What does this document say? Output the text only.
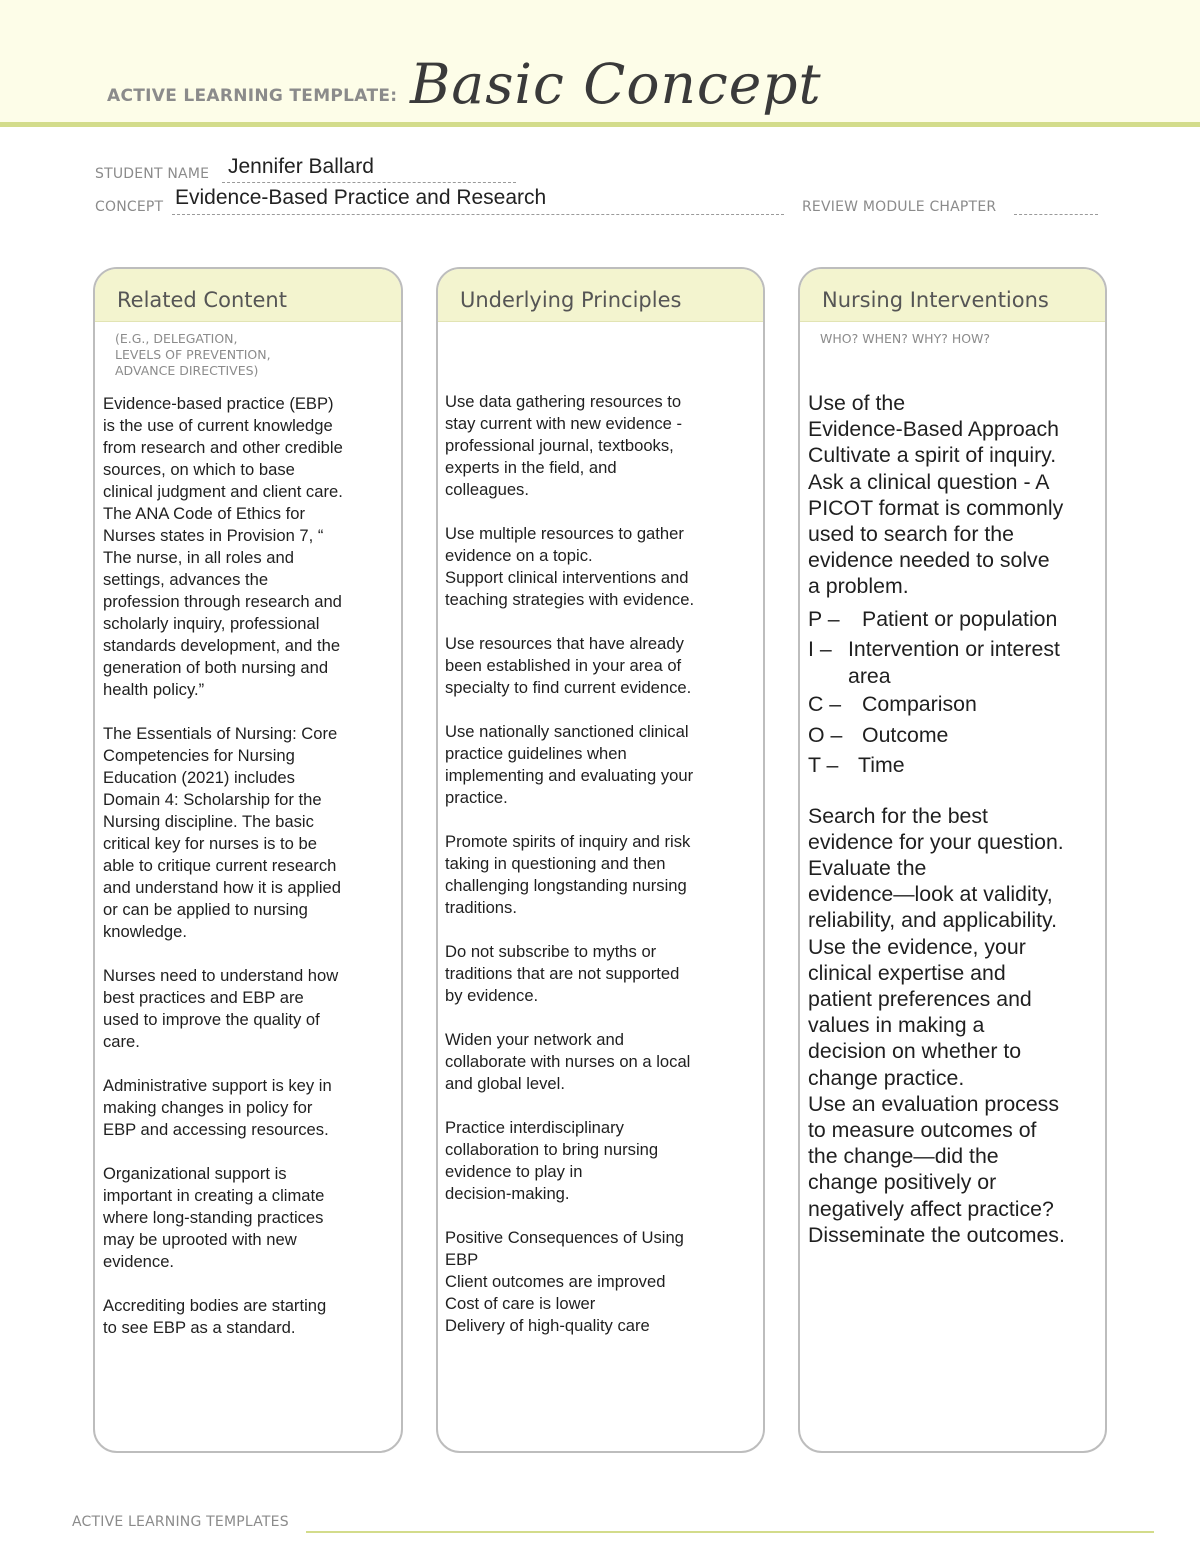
ACTIVE LEARNING TEMPLATE: Basic Concept
STUDENT NAME Jennifer Ballard
CONCEPT Evidence-Based Practice and Research	REVIEW MODULE CHAPTER
Related Content
(E.G., DELEGATION,
LEVELS OF PREVENTION,
ADVANCE DIRECTIVES)

Evidence-based practice (EBP)
is the use of current knowledge
from research and other credible
sources, on which to base
clinical judgment and client care.
The ANA Code of Ethics for
Nurses states in Provision 7, “
The nurse, in all roles and
settings, advances the
profession through research and
scholarly inquiry, professional
standards development, and the
generation of both nursing and
health policy.”

The Essentials of Nursing: Core
Competencies for Nursing
Education (2021) includes
Domain 4: Scholarship for the
Nursing discipline. The basic
critical key for nurses is to be
able to critique current research
and understand how it is applied
or can be applied to nursing
knowledge.

Nurses need to understand how
best practices and EBP are
used to improve the quality of
care.

Administrative support is key in
making changes in policy for
EBP and accessing resources.

Organizational support is
important in creating a climate
where long-standing practices
may be uprooted with new
evidence.

Accrediting bodies are starting
to see EBP as a standard.

Underlying Principles

Use data gathering resources to
stay current with new evidence -
professional journal, textbooks,
experts in the field, and
colleagues.

Use multiple resources to gather
evidence on a topic.
Support clinical interventions and
teaching strategies with evidence.

Use resources that have already
been established in your area of
specialty to find current evidence.

Use nationally sanctioned clinical
practice guidelines when
implementing and evaluating your
practice.

Promote spirits of inquiry and risk
taking in questioning and then
challenging longstanding nursing
traditions.

Do not subscribe to myths or
traditions that are not supported
by evidence.

Widen your network and
collaborate with nurses on a local
and global level.

Practice interdisciplinary
collaboration to bring nursing
evidence to play in
decision-making.

Positive Consequences of Using
EBP
Client outcomes are improved
Cost of care is lower
Delivery of high-quality care

Nursing Interventions
WHO? WHEN? WHY? HOW?

Use of the
Evidence-Based Approach
Cultivate a spirit of inquiry.
Ask a clinical question - A
PICOT format is commonly
used to search for the
evidence needed to solve
a problem.

P –	Patient or population
I – Intervention or interest area
C – Comparison
O – Outcome
T – Time

Search for the best
evidence for your question.
Evaluate the
evidence—look at validity,
reliability, and applicability.
Use the evidence, your
clinical expertise and
patient preferences and
values in making a
decision on whether to
change practice.
Use an evaluation process
to measure outcomes of
the change—did the
change positively or
negatively affect practice?
Disseminate the outcomes.

ACTIVE LEARNING TEMPLATES
